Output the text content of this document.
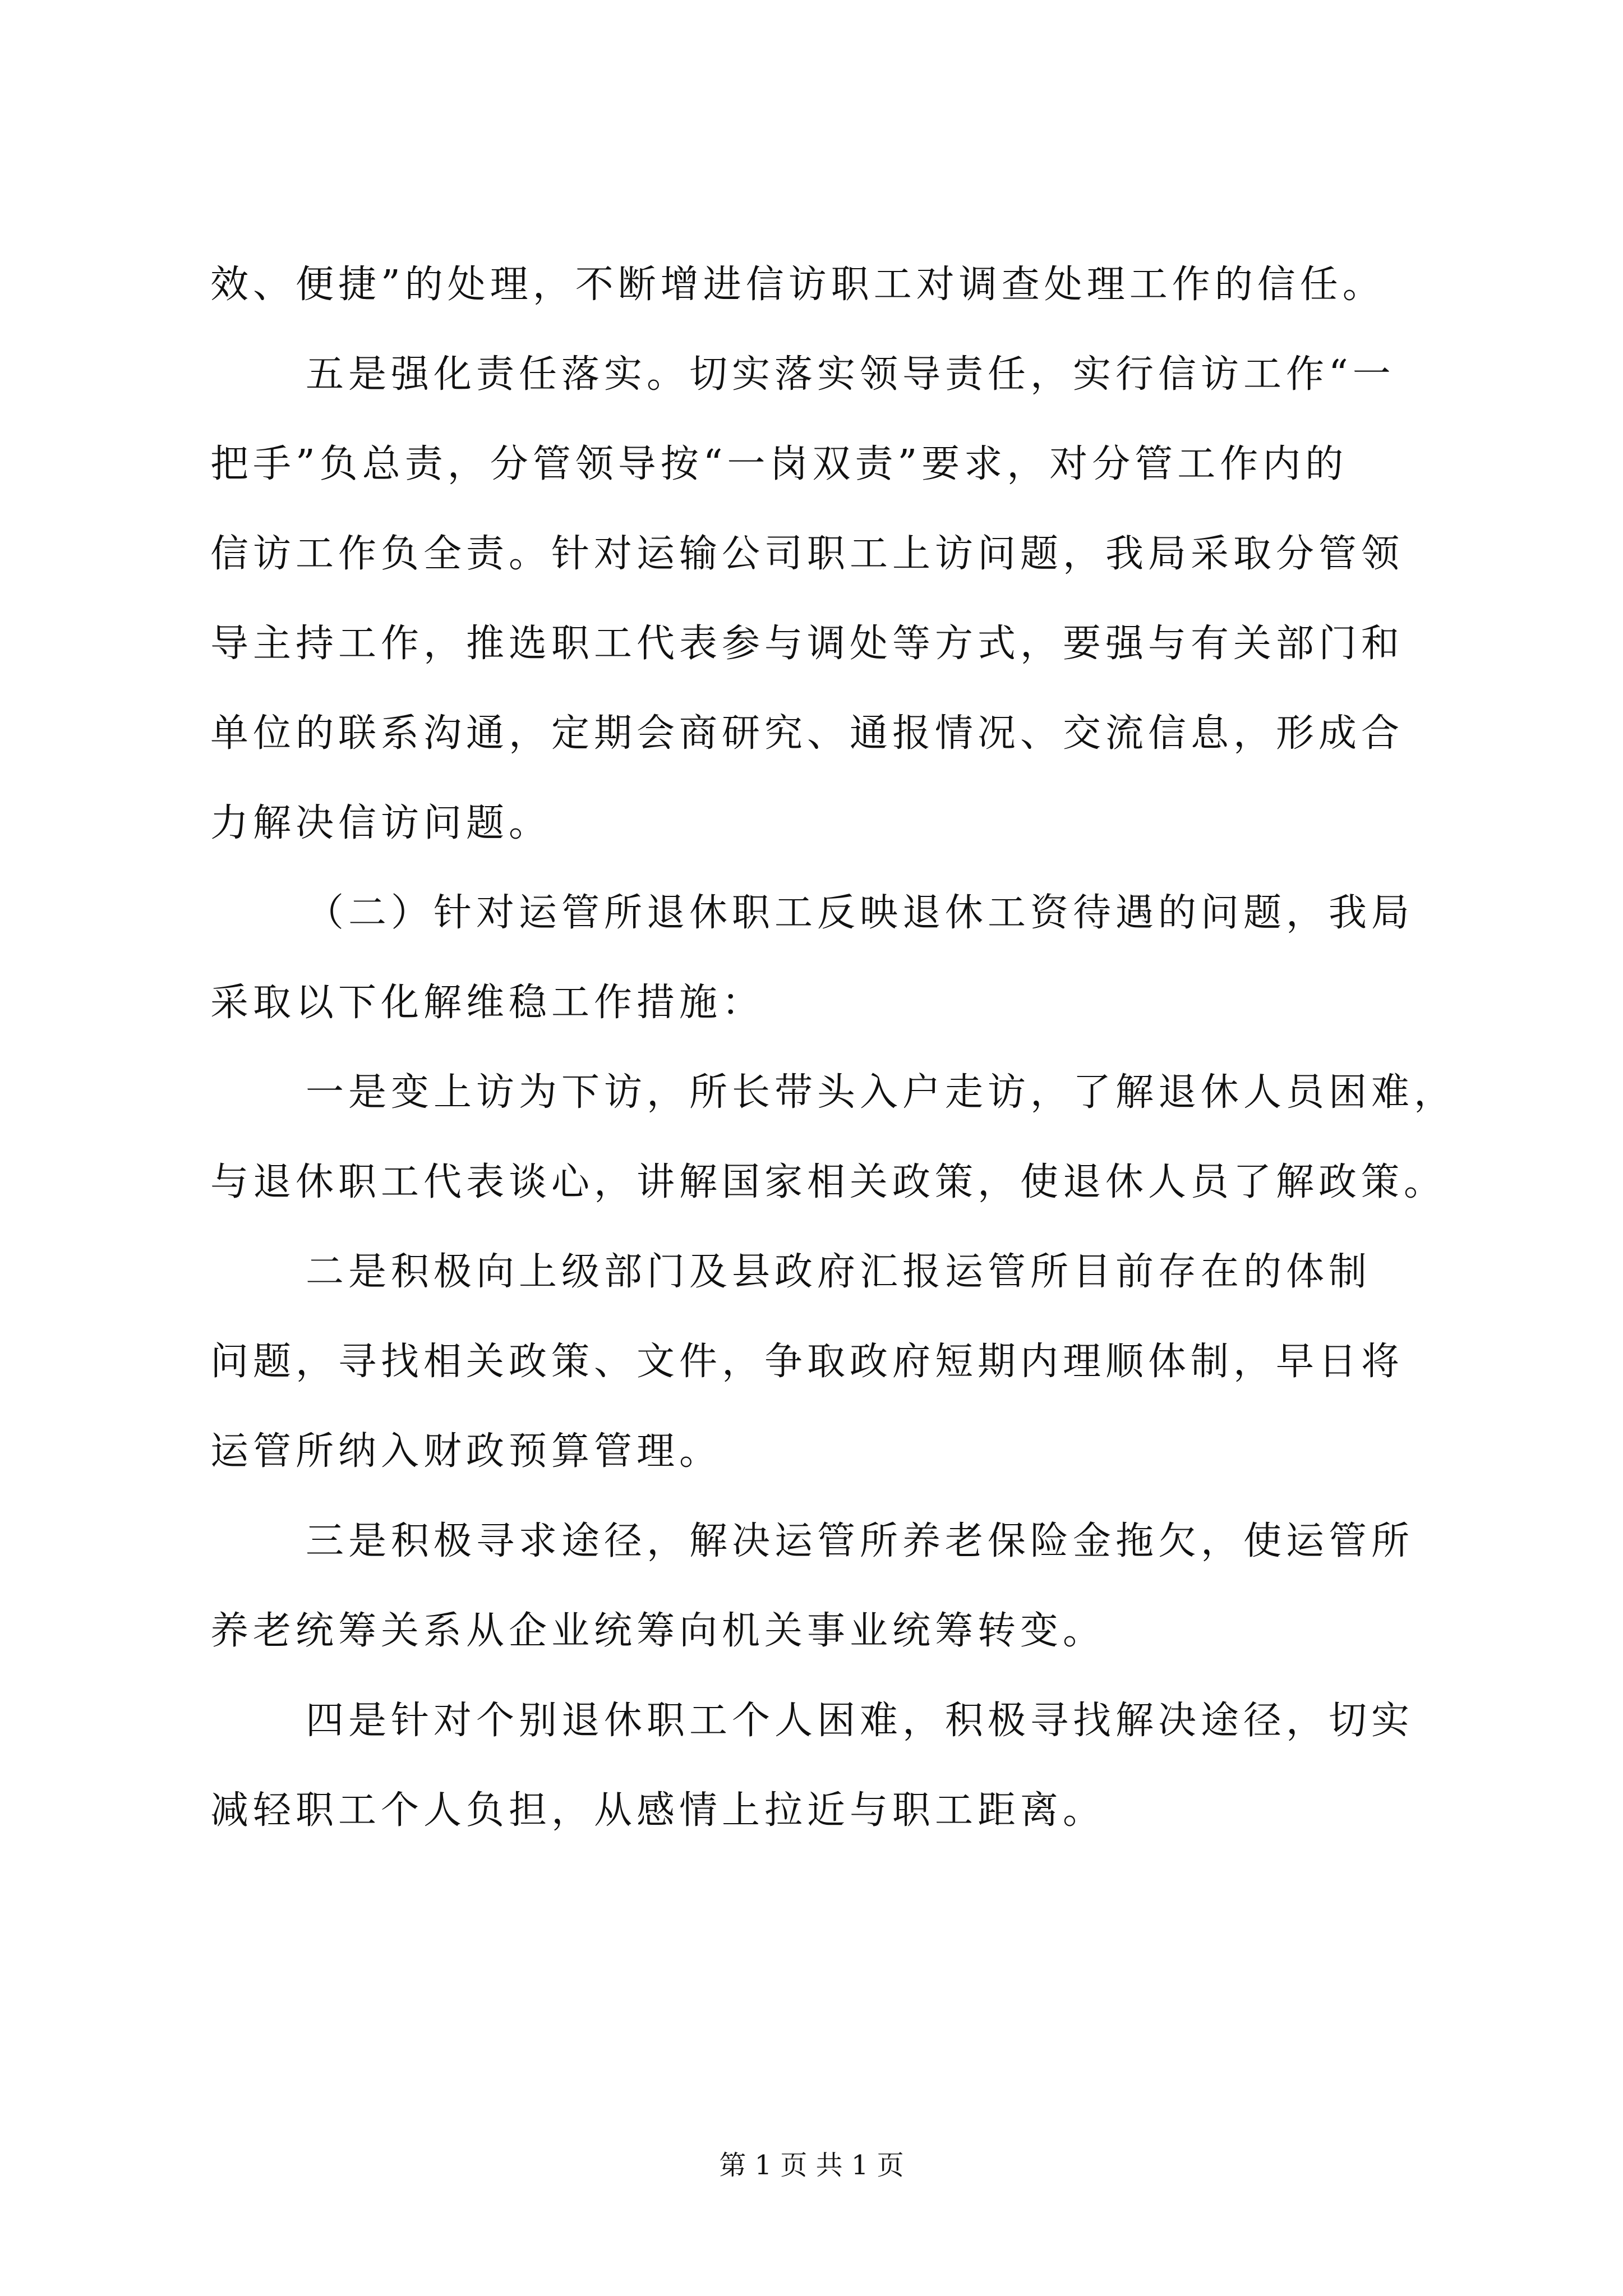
效、便捷”的处理，不断增进信访职工对调查处理工作的信任。

五是强化责任落实。切实落实领导责任，实行信访工作“一

把手”负总责，分管领导按“一岗双责”要求，对分管工作内的

信访工作负全责。针对运输公司职工上访问题，我局采取分管领

导主持工作，推选职工代表参与调处等方式，要强与有关部门和

单位的联系沟通，定期会商研究、通报情况、交流信息，形成合

力解决信访问题。

（二）针对运管所退休职工反映退休工资待遇的问题，我局

采取以下化解维稳工作措施：

一是变上访为下访，所长带头入户走访，了解退休人员困难，

与退休职工代表谈心，讲解国家相关政策，使退休人员了解政策。

二是积极向上级部门及县政府汇报运管所目前存在的体制

问题，寻找相关政策、文件，争取政府短期内理顺体制，早日将

运管所纳入财政预算管理。

三是积极寻求途径，解决运管所养老保险金拖欠，使运管所

养老统筹关系从企业统筹向机关事业统筹转变。

四是针对个别退休职工个人困难，积极寻找解决途径，切实

减轻职工个人负担，从感情上拉近与职工距离。

第 1 页 共 1 页
